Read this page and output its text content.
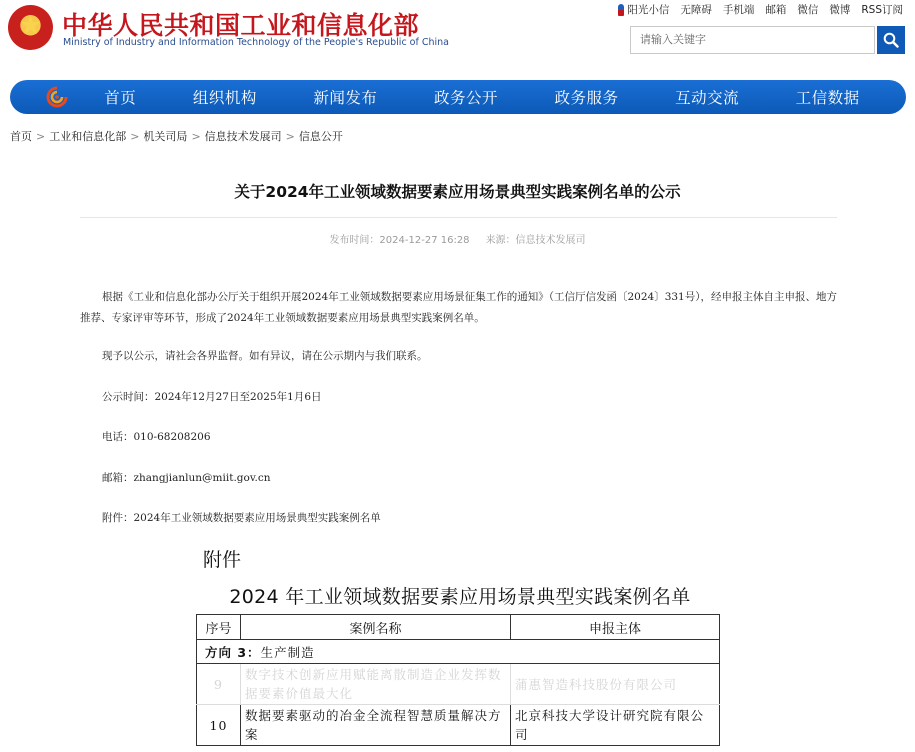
中华人民共和国工业和信息化部
Ministry of Industry and Information Technology of the People's Republic of China
阳光小信 无障碍 手机端 邮箱 微信 微博 RSS订阅
请输入关键字
首页	组织机构	新闻发布	政务公开	政务服务	互动交流	工信数据
首页 > 工业和信息化部 > 机关司局 > 信息技术发展司 > 信息公开
关于2024年工业领域数据要素应用场景典型实践案例名单的公示
发布时间：2024-12-27 16:28 来源：信息技术发展司
根据《工业和信息化部办公厅关于组织开展2024年工业领域数据要素应用场景征集工作的通知》（工信厅信发函〔2024〕331号），经申报主体自主申报、地方推荐、专家评审等环节，形成了2024年工业领域数据要素应用场景典型实践案例名单。
现予以公示，请社会各界监督。如有异议，请在公示期内与我们联系。
公示时间：2024年12月27日至2025年1月6日
电话：010-68208206
邮箱：zhangjianlun@miit.gov.cn
附件：2024年工业领域数据要素应用场景典型实践案例名单
附件
2024 年工业领域数据要素应用场景典型实践案例名单
序号	案例名称	申报主体
方向 3：生产制造		
9	数字技术创新应用赋能离散制造企业发挥数据要素价值最大化	蒲惠智造科技股份有限公司
10	数据要素驱动的冶金全流程智慧质量解决方案	北京科技大学设计研究院有限公司
